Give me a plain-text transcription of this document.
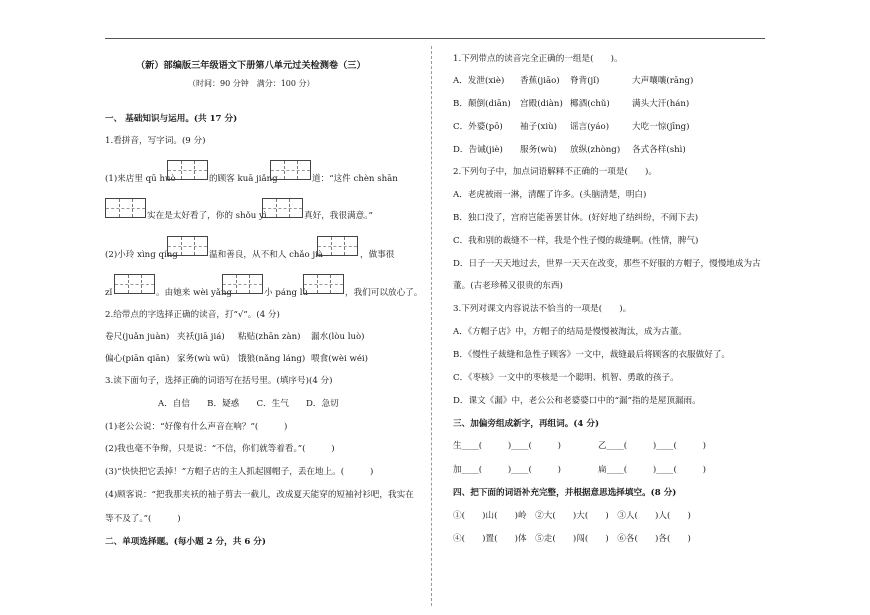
（新）部编版三年级语文下册第八单元过关检测卷（三）
（时间：90 分钟　满分：100 分）
一、 基础知识与运用。(共 17 分)
1.看拼音，写字词。(9 分)
(1)来店里 qū huò	的顾客 kuā jiǎng	道：“这件 chèn shān
实在是太好看了，你的 shǒu yì	真好，我很满意。”
(2)小玲 xìng qíng	温和善良，从不和人 chǎo jià	，做事很
zǐ	。由她来 wèi yǎng	小 páng lù	，我们可以放心了。
2.给带点的字选择正确的读音，打“√”。(4 分)
卷尺(juǎn juàn) 夹袄(jiā jiá) 粘贴(zhān zàn) 漏水(lòu luò)
偏心(piān qiān) 家务(wù wū) 饿狼(nǎng láng) 喂食(wèi wéi)
3.读下面句子，选择正确的词语写在括号里。(填序号)(4 分)
A．自信　　B．疑惑　　C．生气　　D．急切
(1)老公公说：“好像有什么声音在响？”(　　　)
(2)我也毫不争辩，只是说：“不信，你们就等着看。”(　　　)
(3)“快快把它丢掉！”方帽子店的主人抓起圆帽子，丢在地上。(　　　)
(4)顾客说：“把我那夹袄的袖子剪去一截儿，改成夏天能穿的短袖衬衫吧，我实在
等不及了。”(　　　)
二、单项选择题。(每小题 2 分，共 6 分)
1.下列带点的读音完全正确的一组是(　　)。
A．发泄(xiè) 香蕉(jiāo) 脊背(jǐ)	大声嚷嚷(rāng)
B．颠倒(diān) 宫殿(diàn) 椰酒(chǔ)	满头大汗(hán)
C．外婆(pō) 袖子(xiù) 谣言(yáo)	大吃一惊(jīng)
D．告诫(jiè) 服务(wù) 放纵(zhòng) 各式各样(shì)
2.下列句子中，加点词语解释不正确的一项是(　　)。
A．老虎被雨一淋，清醒了许多。(头脑清楚，明白)
B．独口没了，宫府岂能善罢甘休。(好好地了结纠纷，不闹下去)
C．我和别的裁缝不一样，我是个性子慢的裁缝啊。(性情，脾气)
D．日子一天天地过去，世界一天天在改变，那些不好服的方帽子，慢慢地成为古
董。(古老珍稀又很贵的东西)
3.下列对课文内容说法不恰当的一项是(　　)。
A．《方帽子店》中，方帽子的结局是慢慢被淘汰，成为古董。
B．《慢性子裁缝和急性子顾客》一文中，裁缝最后将顾客的衣服做好了。
C．《枣核》一文中的枣核是一个聪明、机智、勇敢的孩子。
D．课文《漏》中，老公公和老婆婆口中的“漏”指的是屋顶漏雨。
三、加偏旁组成新字，再组词。(4 分)
生____(　　　)____(　　　)	乙____(　　　)____(　　　)
加____(　　　)____(　　　)	扁____(　　　)____(　　　)
四、把下面的词语补充完整，并根据意思选择填空。(8 分)
①(　　)山(　　)岭　②大(　　)大(　　)　③人(　　)人(　　)
④(　　)置(　　)体　⑤走(　　)闯(　　)　⑥各(　　)各(　　)
